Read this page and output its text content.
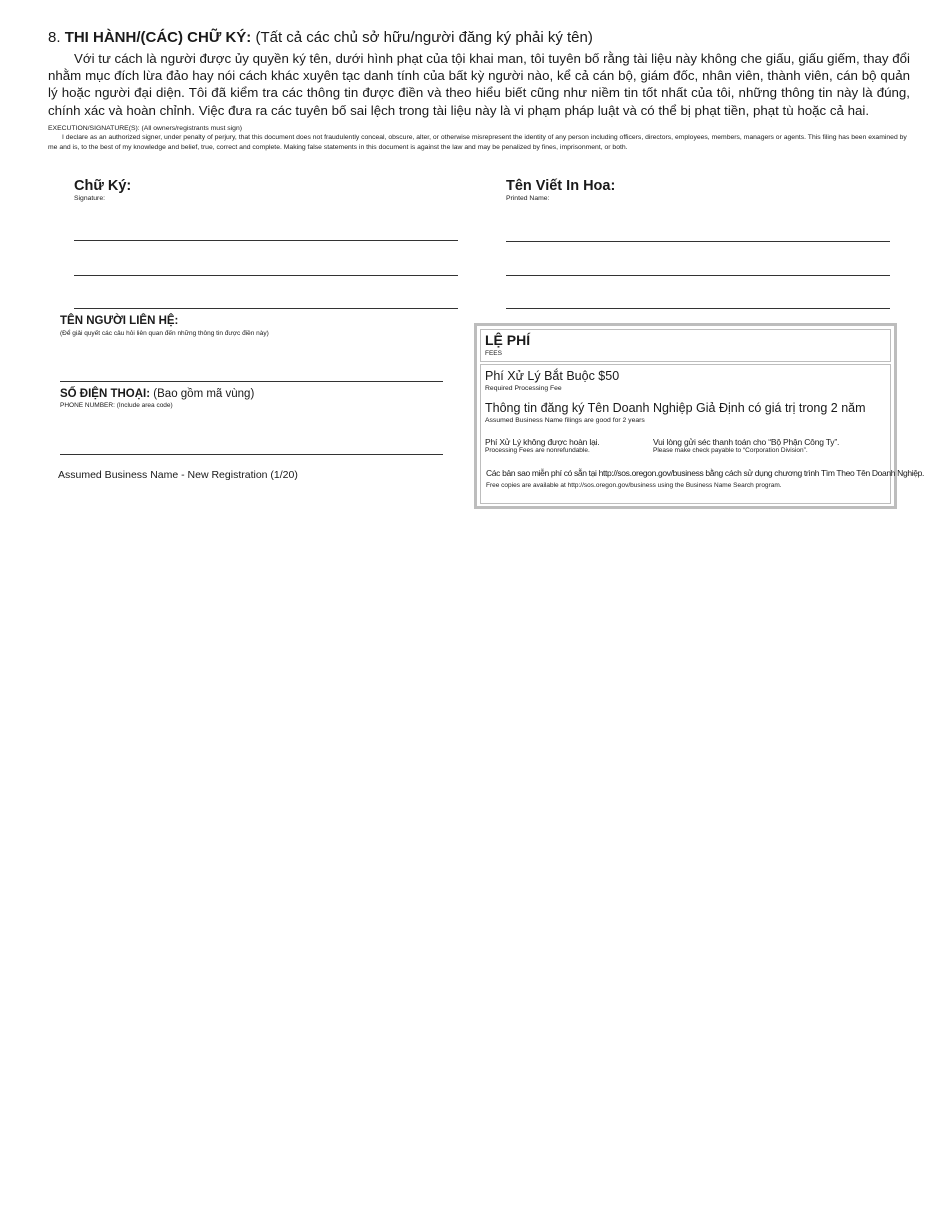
8. THI HÀNH/(CÁC) CHỮ KÝ: (Tất cả các chủ sở hữu/người đăng ký phải ký tên)
Với tư cách là người được ủy quyền ký tên, dưới hình phạt của tội khai man, tôi tuyên bố rằng tài liệu này không che giấu, giấu giếm, thay đổi nhằm mục đích lừa đảo hay nói cách khác xuyên tạc danh tính của bất kỳ người nào, kể cả cán bộ, giám đốc, nhân viên, thành viên, cán bộ quản lý hoặc người đại diện. Tôi đã kiểm tra các thông tin được điền và theo hiểu biết cũng như niềm tin tốt nhất của tôi, những thông tin này là đúng, chính xác và hoàn chỉnh. Việc đưa ra các tuyên bố sai lệch trong tài liệu này là vi phạm pháp luật và có thể bị phạt tiền, phạt tù hoặc cả hai.
EXECUTION/SIGNATURE(S): (All owners/registrants must sign)
I declare as an authorized signer, under penalty of perjury, that this document does not fraudulently conceal, obscure, alter, or otherwise misrepresent the identity of any person including officers, directors, employees, members, managers or agents. This filing has been examined by me and is, to the best of my knowledge and belief, true, correct and complete. Making false statements in this document is against the law and may be penalized by fines, imprisonment, or both.
Chữ Ký:
Signature:
Tên Viết In Hoa:
Printed Name:
TÊN NGƯỜI LIÊN HỆ:
(Để giải quyết các câu hỏi liên quan đến những thông tin được điền này)
SỐ ĐIỆN THOẠI: (Bao gồm mã vùng)
PHONE NUMBER: (Include area code)
Assumed Business Name - New Registration (1/20)
LỆ PHÍ
FEES
Phí Xử Lý Bắt Buộc $50
Required Processing Fee
Thông tin đăng ký Tên Doanh Nghiệp Giả Định có giá trị trong 2 năm
Assumed Business Name filings are good for 2 years
Phí Xử Lý không được hoàn lại.
Processing Fees are nonrefundable.
Vui lòng gửi séc thanh toán cho “Bộ Phận Công Ty”.
Please make check payable to “Corporation Division”.
Các bản sao miễn phí có sẵn tại http://sos.oregon.gov/business bằng cách sử dụng chương trình Tìm Theo Tên Doanh Nghiệp.
Free copies are available at http://sos.oregon.gov/business using the Business Name Search program.
